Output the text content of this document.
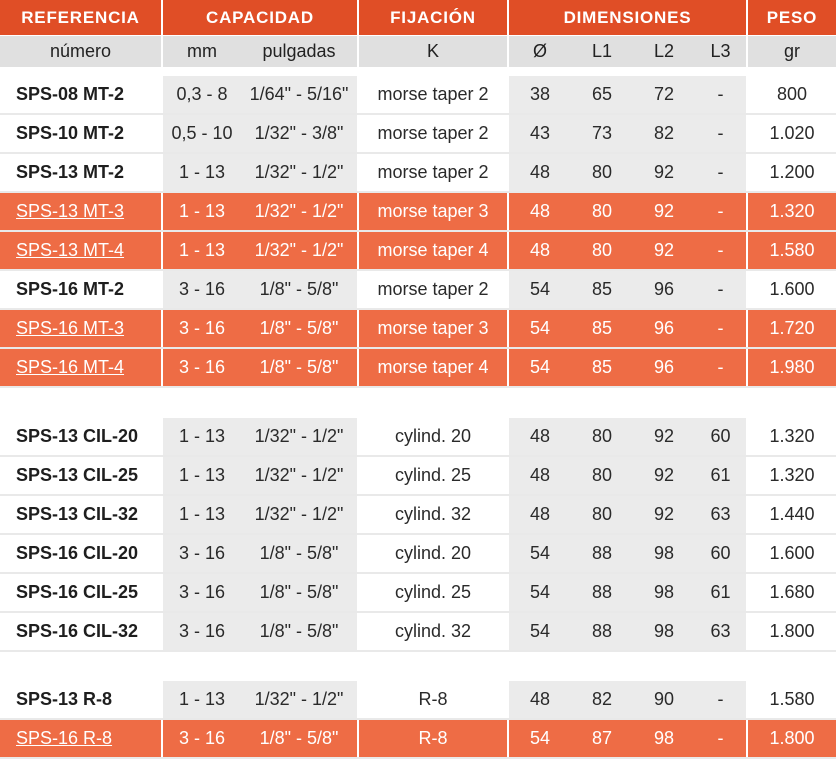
REFERENCIA	CAPACIDAD	FIJACIÓN	DIMENSIONES	PESO
número	mm	pulgadas	K	Ø	L1	L2	L3	gr
SPS-08 MT-2	0,3 - 8	1/64" - 5/16"	morse taper 2	38	65	72	-	800
SPS-10 MT-2	0,5 - 10	1/32" - 3/8"	morse taper 2	43	73	82	-	1.020
SPS-13 MT-2	1 - 13	1/32" - 1/2"	morse taper 2	48	80	92	-	1.200
SPS-13 MT-3	1 - 13	1/32" - 1/2"	morse taper 3	48	80	92	-	1.320
SPS-13 MT-4	1 - 13	1/32" - 1/2"	morse taper 4	48	80	92	-	1.580
SPS-16 MT-2	3 - 16	1/8" - 5/8"	morse taper 2	54	85	96	-	1.600
SPS-16 MT-3	3 - 16	1/8" - 5/8"	morse taper 3	54	85	96	-	1.720
SPS-16 MT-4	3 - 16	1/8" - 5/8"	morse taper 4	54	85	96	-	1.980
SPS-13 CIL-20	1 - 13	1/32" - 1/2"	cylind. 20	48	80	92	60	1.320
SPS-13 CIL-25	1 - 13	1/32" - 1/2"	cylind. 25	48	80	92	61	1.320
SPS-13 CIL-32	1 - 13	1/32" - 1/2"	cylind. 32	48	80	92	63	1.440
SPS-16 CIL-20	3 - 16	1/8" - 5/8"	cylind. 20	54	88	98	60	1.600
SPS-16 CIL-25	3 - 16	1/8" - 5/8"	cylind. 25	54	88	98	61	1.680
SPS-16 CIL-32	3 - 16	1/8" - 5/8"	cylind. 32	54	88	98	63	1.800
SPS-13 R-8	1 - 13	1/32" - 1/2"	R-8	48	82	90	-	1.580
SPS-16 R-8	3 - 16	1/8" - 5/8"	R-8	54	87	98	-	1.800
